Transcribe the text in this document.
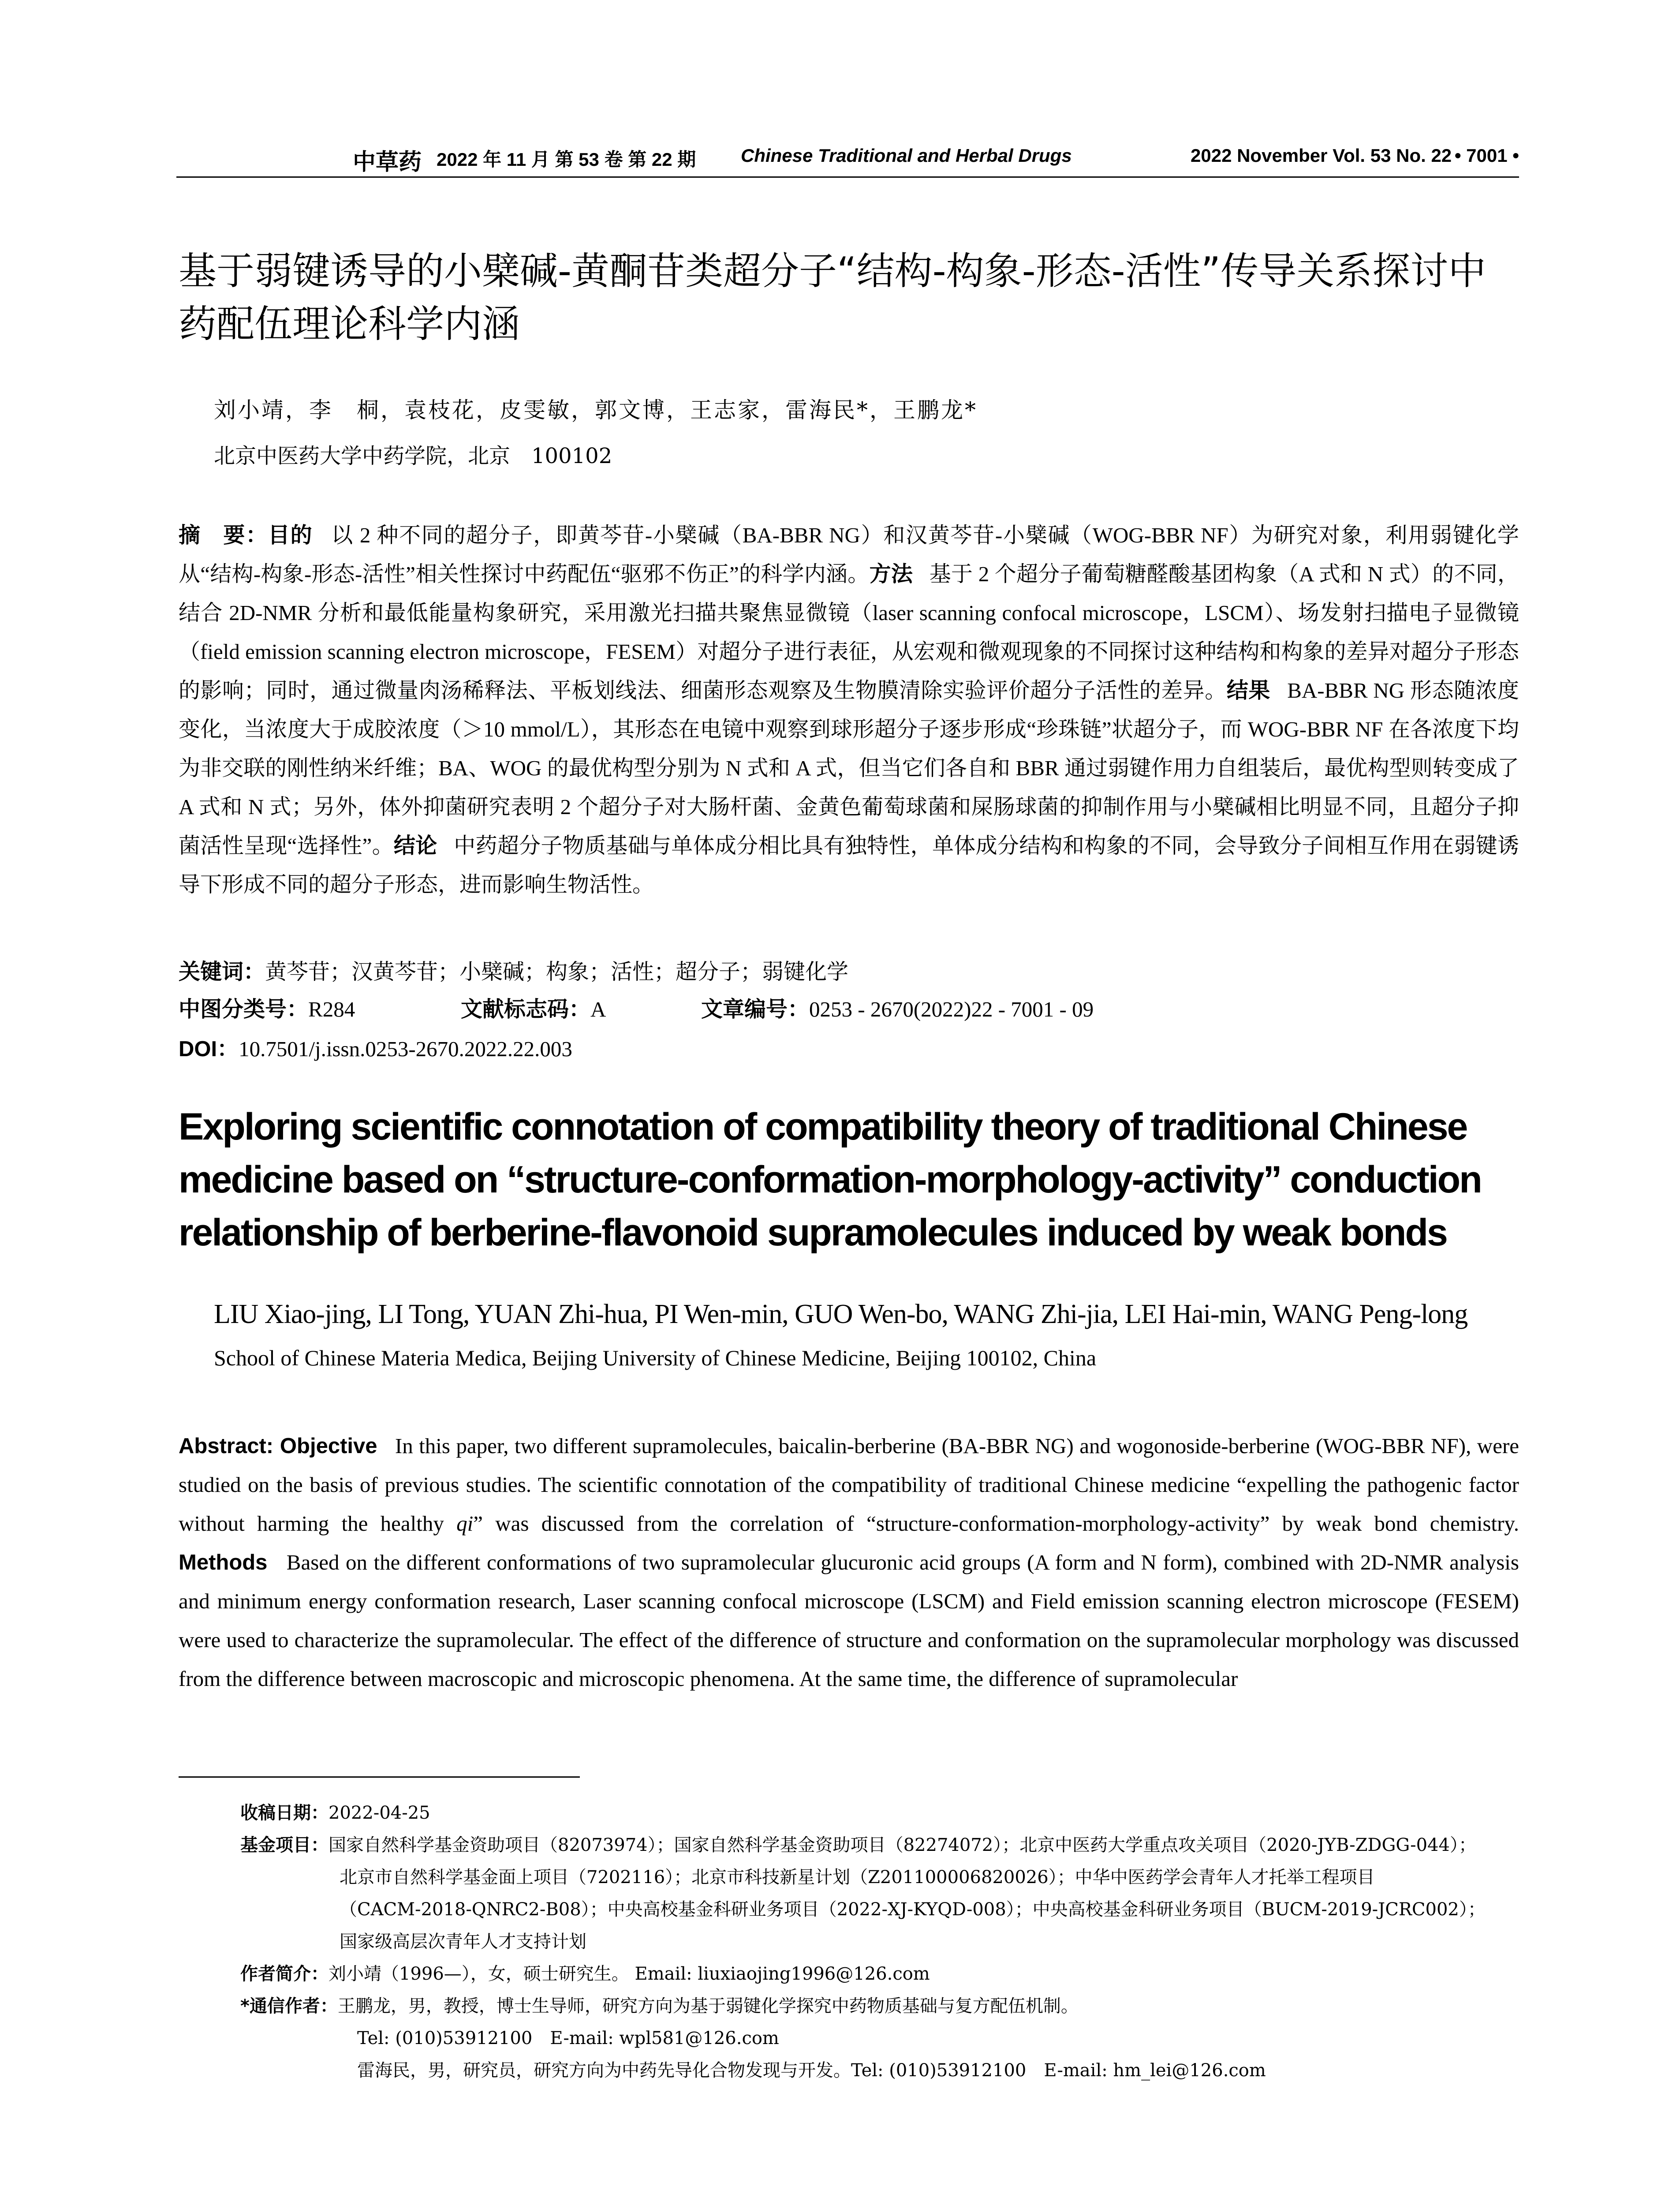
中草药 2022 年 11 月 第 53 卷 第 22 期 Chinese Traditional and Herbal Drugs	2022 November Vol. 53 No. 22 • 7001 •
基于弱键诱导的小檗碱-黄酮苷类超分子“结构-构象-形态-活性”传导关系探讨中药配伍理论科学内涵
刘小靖，李　桐，袁枝花，皮雯敏，郭文博，王志家，雷海民*，王鹏龙*
北京中医药大学中药学院，北京　100102
摘　要：目的 以 2 种不同的超分子，即黄芩苷-小檗碱（BA-BBR NG）和汉黄芩苷-小檗碱（WOG-BBR NF）为研究对象，利用弱键化学从“结构-构象-形态-活性”相关性探讨中药配伍“驱邪不伤正”的科学内涵。方法 基于 2 个超分子葡萄糖醛酸基团构象（A 式和 N 式）的不同，结合 2D-NMR 分析和最低能量构象研究，采用激光扫描共聚焦显微镜（laser scanning confocal microscope，LSCM）、场发射扫描电子显微镜（field emission scanning electron microscope，FESEM）对超分子进行表征，从宏观和微观现象的不同探讨这种结构和构象的差异对超分子形态的影响；同时，通过微量肉汤稀释法、平板划线法、细菌形态观察及生物膜清除实验评价超分子活性的差异。结果 BA-BBR NG 形态随浓度变化，当浓度大于成胶浓度（＞10 mmol/L），其形态在电镜中观察到球形超分子逐步形成“珍珠链”状超分子，而 WOG-BBR NF 在各浓度下均为非交联的刚性纳米纤维；BA、WOG 的最优构型分别为 N 式和 A 式，但当它们各自和 BBR 通过弱键作用力自组装后，最优构型则转变成了 A 式和 N 式；另外，体外抑菌研究表明 2 个超分子对大肠杆菌、金黄色葡萄球菌和屎肠球菌的抑制作用与小檗碱相比明显不同，且超分子抑菌活性呈现“选择性”。结论 中药超分子物质基础与单体成分相比具有独特性，单体成分结构和构象的不同，会导致分子间相互作用在弱键诱导下形成不同的超分子形态，进而影响生物活性。
关键词：黄芩苷；汉黄芩苷；小檗碱；构象；活性；超分子；弱键化学
中图分类号：R284	文献标志码：A	文章编号：0253 - 2670(2022)22 - 7001 - 09
DOI：10.7501/j.issn.0253-2670.2022.22.003
Exploring scientific connotation of compatibility theory of traditional Chinese medicine based on “structure-conformation-morphology-activity” conduction relationship of berberine-flavonoid supramolecules induced by weak bonds
LIU Xiao-jing, LI Tong, YUAN Zhi-hua, PI Wen-min, GUO Wen-bo, WANG Zhi-jia, LEI Hai-min, WANG Peng-long
School of Chinese Materia Medica, Beijing University of Chinese Medicine, Beijing 100102, China
Abstract: Objective In this paper, two different supramolecules, baicalin-berberine (BA-BBR NG) and wogonoside-berberine (WOG-BBR NF), were studied on the basis of previous studies. The scientific connotation of the compatibility of traditional Chinese medicine “expelling the pathogenic factor without harming the healthy qi” was discussed from the correlation of “structure-conformation-morphology-activity” by weak bond chemistry. Methods Based on the different conformations of two supramolecular glucuronic acid groups (A form and N form), combined with 2D-NMR analysis and minimum energy conformation research, Laser scanning confocal microscope (LSCM) and Field emission scanning electron microscope (FESEM) were used to characterize the supramolecular. The effect of the difference of structure and conformation on the supramolecular morphology was discussed from the difference between macroscopic and microscopic phenomena. At the same time, the difference of supramolecular
收稿日期：2022-04-25
基金项目：国家自然科学基金资助项目（82073974）；国家自然科学基金资助项目（82274072）；北京中医药大学重点攻关项目（2020-JYB-ZDGG-044）；
北京市自然科学基金面上项目（7202116）；北京市科技新星计划（Z201100006820026）；中华中医药学会青年人才托举工程项目
（CACM-2018-QNRC2-B08）；中央高校基金科研业务项目（2022-XJ-KYQD-008）；中央高校基金科研业务项目（BUCM-2019-JCRC002）；
国家级高层次青年人才支持计划
作者简介：刘小靖（1996—），女，硕士研究生。 Email: liuxiaojing1996@126.com
*通信作者：王鹏龙，男，教授，博士生导师，研究方向为基于弱键化学探究中药物质基础与复方配伍机制。
Tel: (010)53912100　E-mail: wpl581@126.com
雷海民，男，研究员，研究方向为中药先导化合物发现与开发。Tel: (010)53912100　E-mail: hm_lei@126.com
